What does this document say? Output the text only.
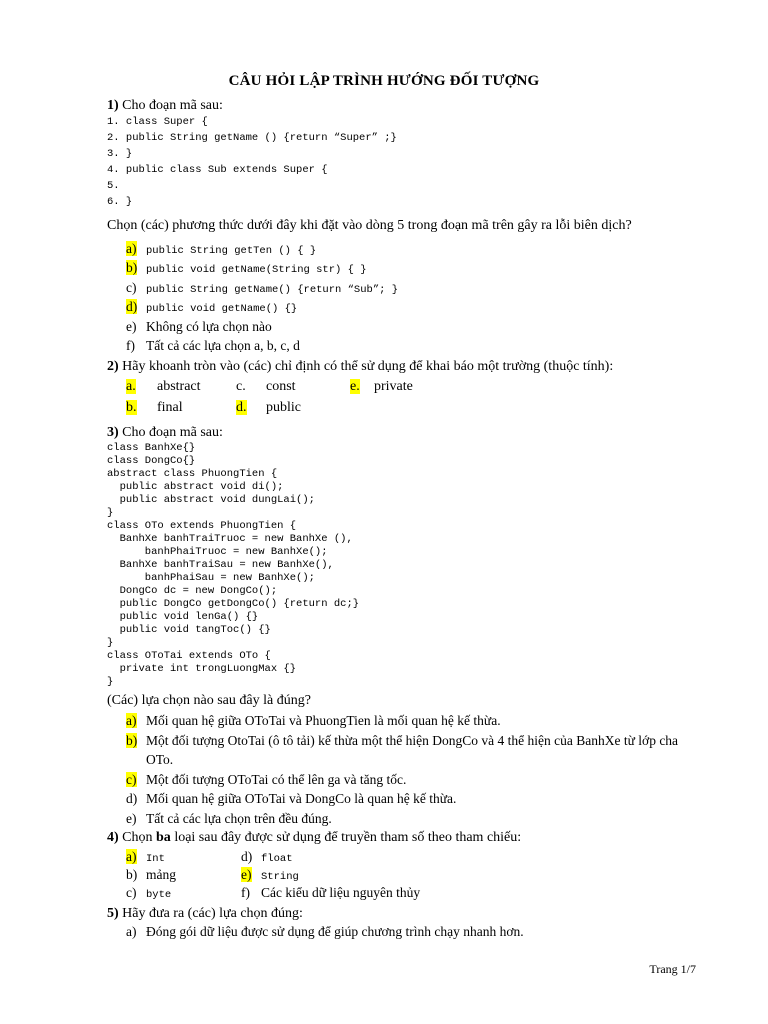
CÂU HỎI LẬP TRÌNH HƯỚNG ĐỐI TƯỢNG
1) Cho đoạn mã sau:
1. class Super {
2. public String getName () {return “Super” ;}
3. }
4. public class Sub extends Super {
5.
6. }
Chọn (các) phương thức dưới đây khi đặt vào dòng 5 trong đoạn mã trên gây ra lỗi biên dịch?
a) public String getTen () { }
b) public void getName(String str) { }
c) public String getName() {return “Sub”; }
d) public void getName() {}
e) Không có lựa chọn nào
f) Tất cả các lựa chọn a, b, c, d
2) Hãy khoanh tròn vào (các) chỉ định có thể sử dụng để khai báo một trường (thuộc tính):
a. abstract
b. final
c. const
d. public
e. private
3) Cho đoạn mã sau:
class BanhXe{}
class DongCo{}
abstract class PhuongTien {
public abstract void di();
public abstract void dungLai();
}
class OTo extends PhuongTien {
BanhXe banhTraiTruoc = new BanhXe (),
banhPhaiTruoc = new BanhXe();
BanhXe banhTraiSau = new BanhXe(),
banhPhaiSau = new BanhXe();
DongCo dc = new DongCo();
public DongCo getDongCo() {return dc;}
public void lenGa() {}
public void tangToc() {}
}
class OToTai extends OTo {
private int trongLuongMax {}
}
(Các) lựa chọn nào sau đây là đúng?
a) Mối quan hệ giữa OToTai và PhuongTien là mối quan hệ kế thừa.
b) Một đối tượng OtoTai (ô tô tải) kế thừa một thể hiện DongCo và 4 thể hiện của BanhXe từ lớp cha OTo.
c) Một đối tượng OToTai có thể lên ga và tăng tốc.
d) Mối quan hệ giữa OToTai và DongCo là quan hệ kế thừa.
e) Tất cả các lựa chọn trên đều đúng.
4) Chọn ba loại sau đây được sử dụng để truyền tham số theo tham chiếu:
a) Int
b) mảng
c) byte
d) float
e) String
f) Các kiểu dữ liệu nguyên thủy
5) Hãy đưa ra (các) lựa chọn đúng:
a) Đóng gói dữ liệu được sử dụng để giúp chương trình chạy nhanh hơn.
Trang 1/7
